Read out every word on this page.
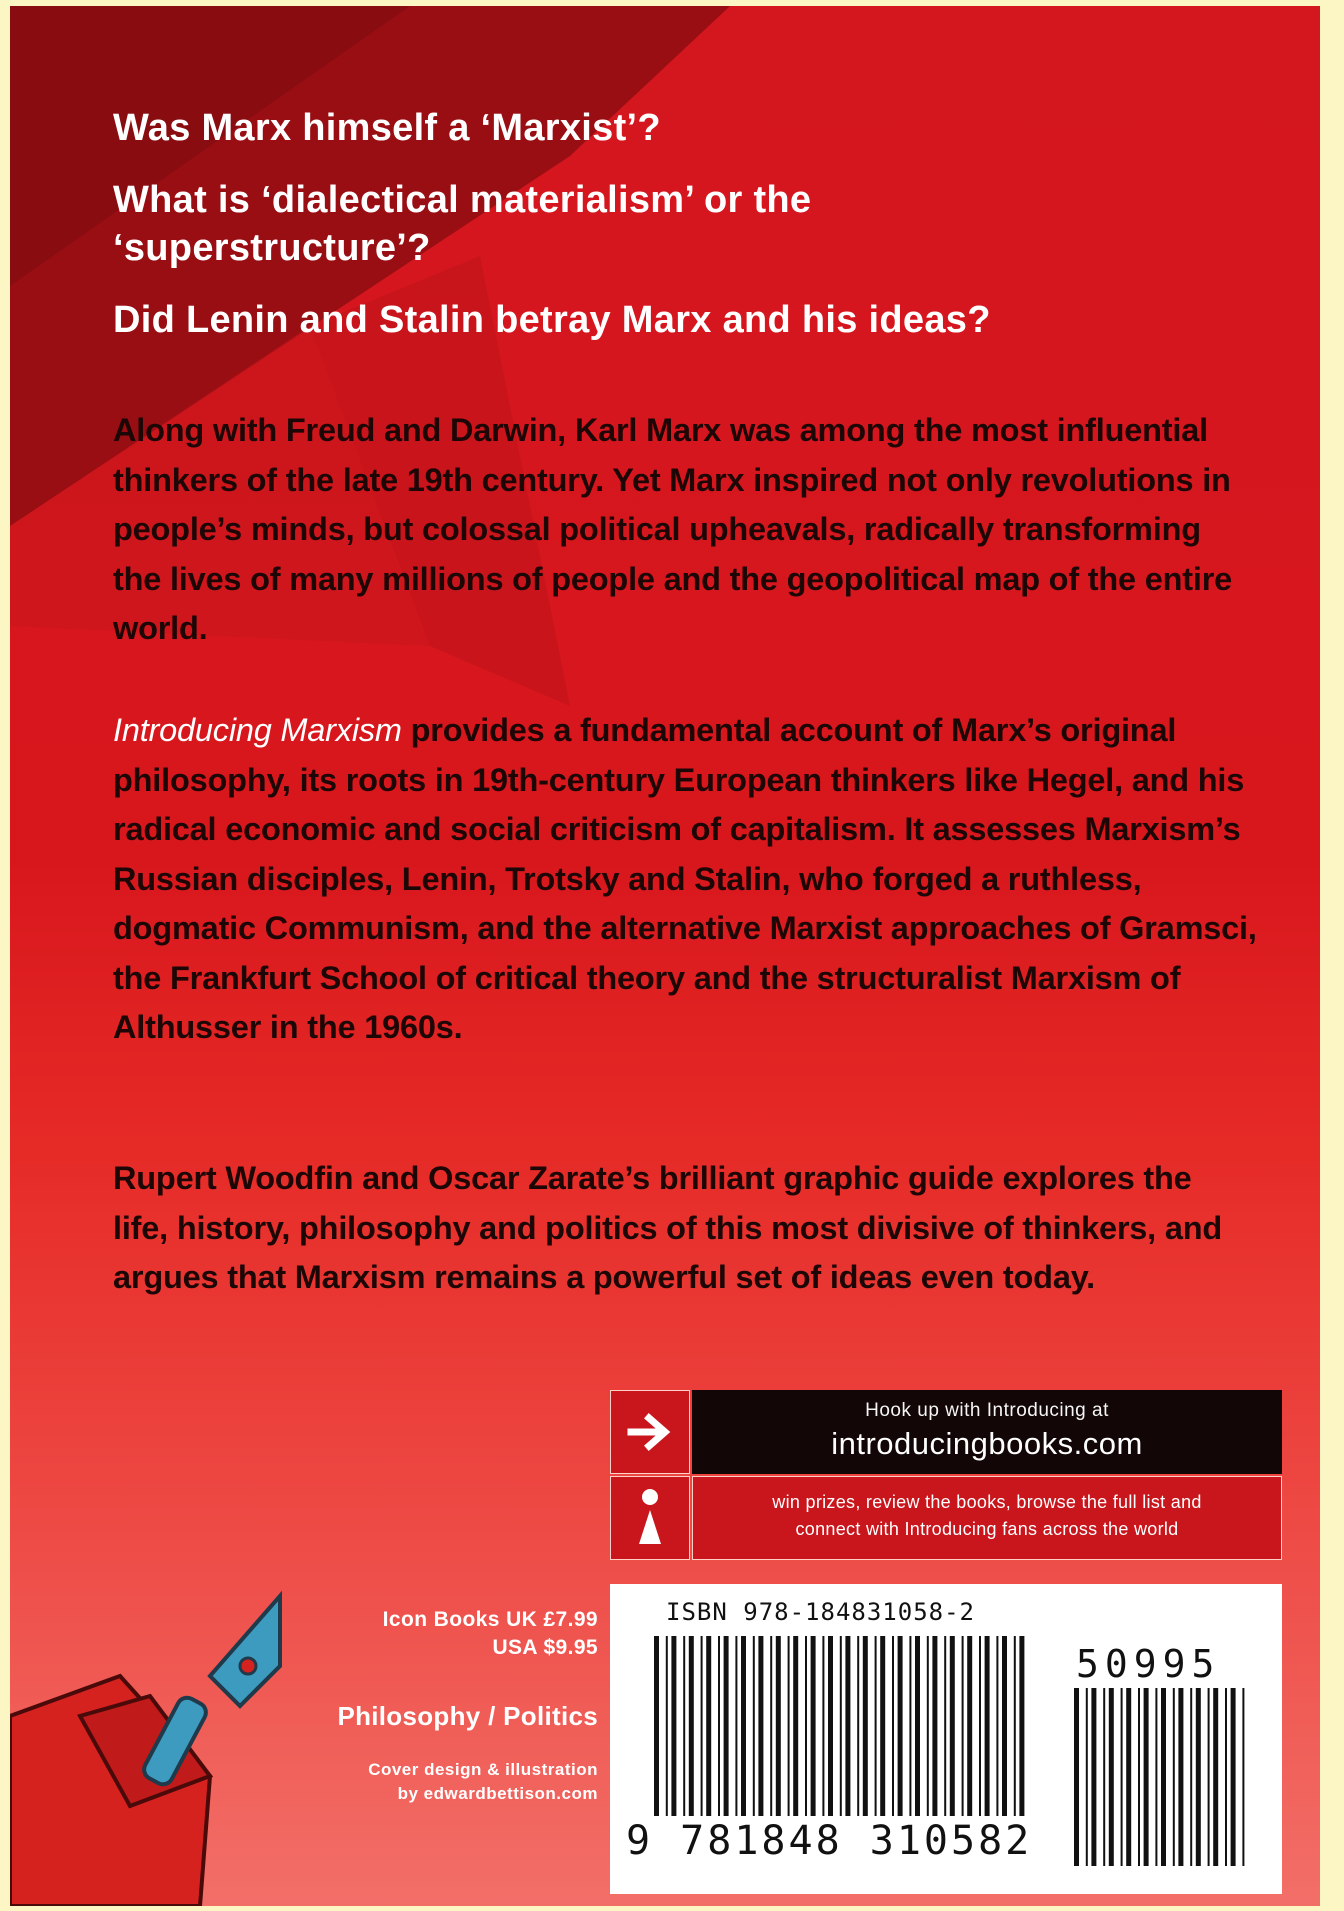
Was Marx himself a ‘Marxist’?

What is ‘dialectical materialism’ or the ‘superstructure’?

Did Lenin and Stalin betray Marx and his ideas?

Along with Freud and Darwin, Karl Marx was among the most influential thinkers of the late 19th century. Yet Marx inspired not only revolutions in people’s minds, but colossal political upheavals, radically transforming the lives of many millions of people and the geopolitical map of the entire world.

Introducing Marxism provides a fundamental account of Marx’s original philosophy, its roots in 19th-century European thinkers like Hegel, and his radical economic and social criticism of capitalism. It assesses Marxism’s Russian disciples, Lenin, Trotsky and Stalin, who forged a ruthless, dogmatic Communism, and the alternative Marxist approaches of Gramsci, the Frankfurt School of critical theory and the structuralist Marxism of Althusser in the 1960s.

Rupert Woodfin and Oscar Zarate’s brilliant graphic guide explores the life, history, philosophy and politics of this most divisive of thinkers, and argues that Marxism remains a powerful set of ideas even today.

Hook up with Introducing at
introducingbooks.com
win prizes, review the books, browse the full list and
connect with Introducing fans across the world
Icon Books UK £7.99
USA $9.95
Philosophy / Politics
Cover design & illustration
by edwardbettison.com
ISBN 978-184831058-2
50995
9 781848 310582
